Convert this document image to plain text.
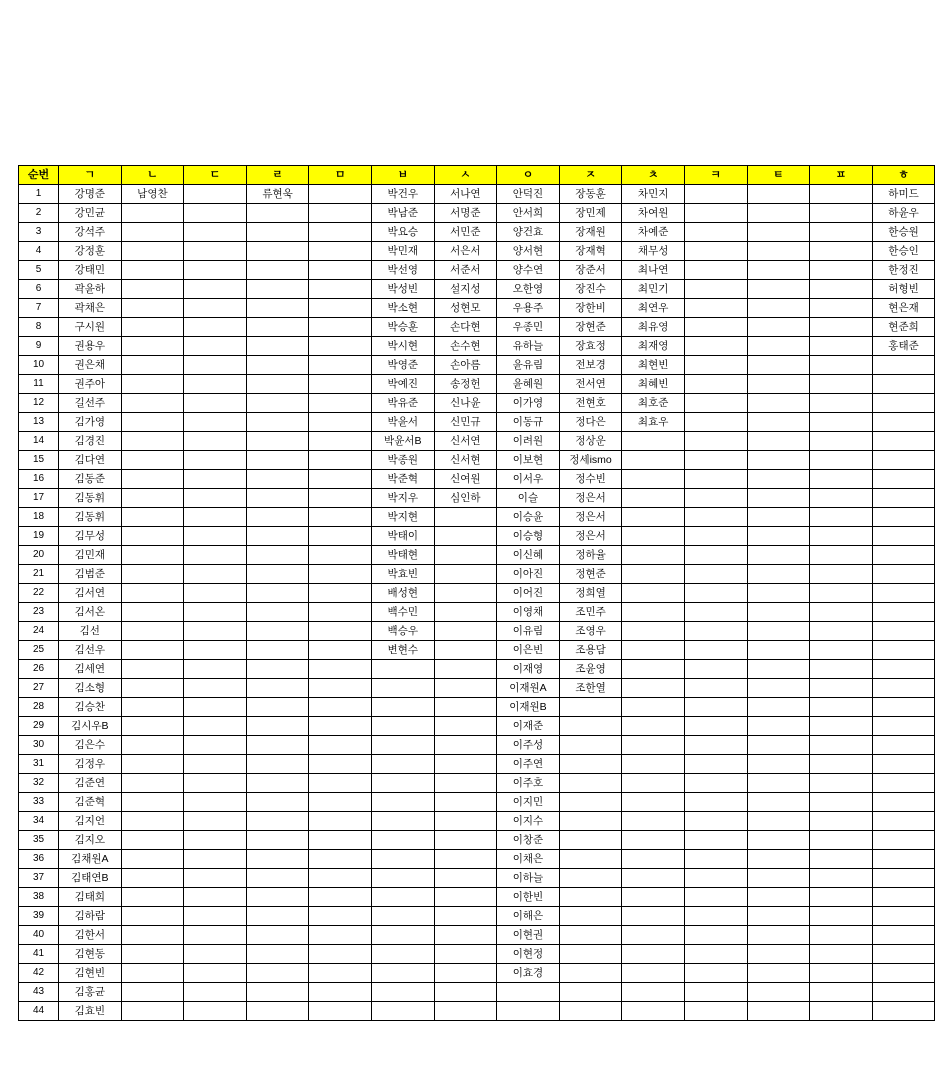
순번	ㄱ	ㄴ	ㄷ	ㄹ	ㅁ	ㅂ	ㅅ	ㅇ	ㅈ	ㅊ	ㅋ	ㅌ	ㅍ	ㅎ
1	강명준	남영찬		류현욱		박건우	서나연	안덕진	장동훈	차민지				하미드
2	강민균					박남준	서명준	안서희	장민제	차여원				하윤우
3	강석주					박요승	서민준	양건효	장재원	차예준				한승원
4	강정훈					박민재	서은서	양서현	장재혁	채무성				한승인
5	강태민					박선영	서준서	양수연	장준서	최나연				한정진
6	곽윤하					박성빈	설지성	오한영	장진수	최민기				허형빈
7	곽채은					박소현	성현모	우용주	장한비	최연우				현은재
8	구시원					박승훈	손다현	우종민	장현준	최유영				현준희
9	권용우					박시현	손수현	유하늘	장효정	최재영				홍태준
10	권은채					박영준	손아름	윤유림	전보경	최현빈				
11	권주아					박예진	송정헌	윤혜원	전서연	최혜빈				
12	길선주					박유준	신나윤	이가영	전현호	최호준				
13	김가영					박윤서	신민규	이동규	정다은	최효우				
14	김경진					박윤서B	신서연	이려원	정상운					
15	김다연					박종원	신서현	이보현	정세ismo					
16	김동준					박준혁	신여원	이서우	정수빈					
17	김동휘					박지우	심인하	이슬	정은서					
18	김동휘					박지현		이승윤	정은서					
19	김무성					박태이		이승형	정은서					
20	김민재					박태현		이신혜	정하율					
21	김범준					박효빈		이아진	정현준					
22	김서연					배성현		이어진	정희열					
23	김서온					백수민		이영채	조민주					
24	김선					백승우		이유림	조영우					
25	김선우					변현수		이은빈	조용담					
26	김세연							이재영	조윤영					
27	김소형							이재원A	조한열					
28	김승찬							이재원B						
29	김시우B							이재준						
30	김은수							이주성						
31	김정우							이주연						
32	김준연							이주호						
33	김준혁							이지민						
34	김지언							이지수						
35	김지오							이창준						
36	김채원A							이채은						
37	김태연B							이하늘						
38	김태희							이한빈						
39	김하람							이해은						
40	김한서							이현권						
41	김현동							이현정						
42	김현빈							이효경						
43	김홍균													
44	김효빈													
